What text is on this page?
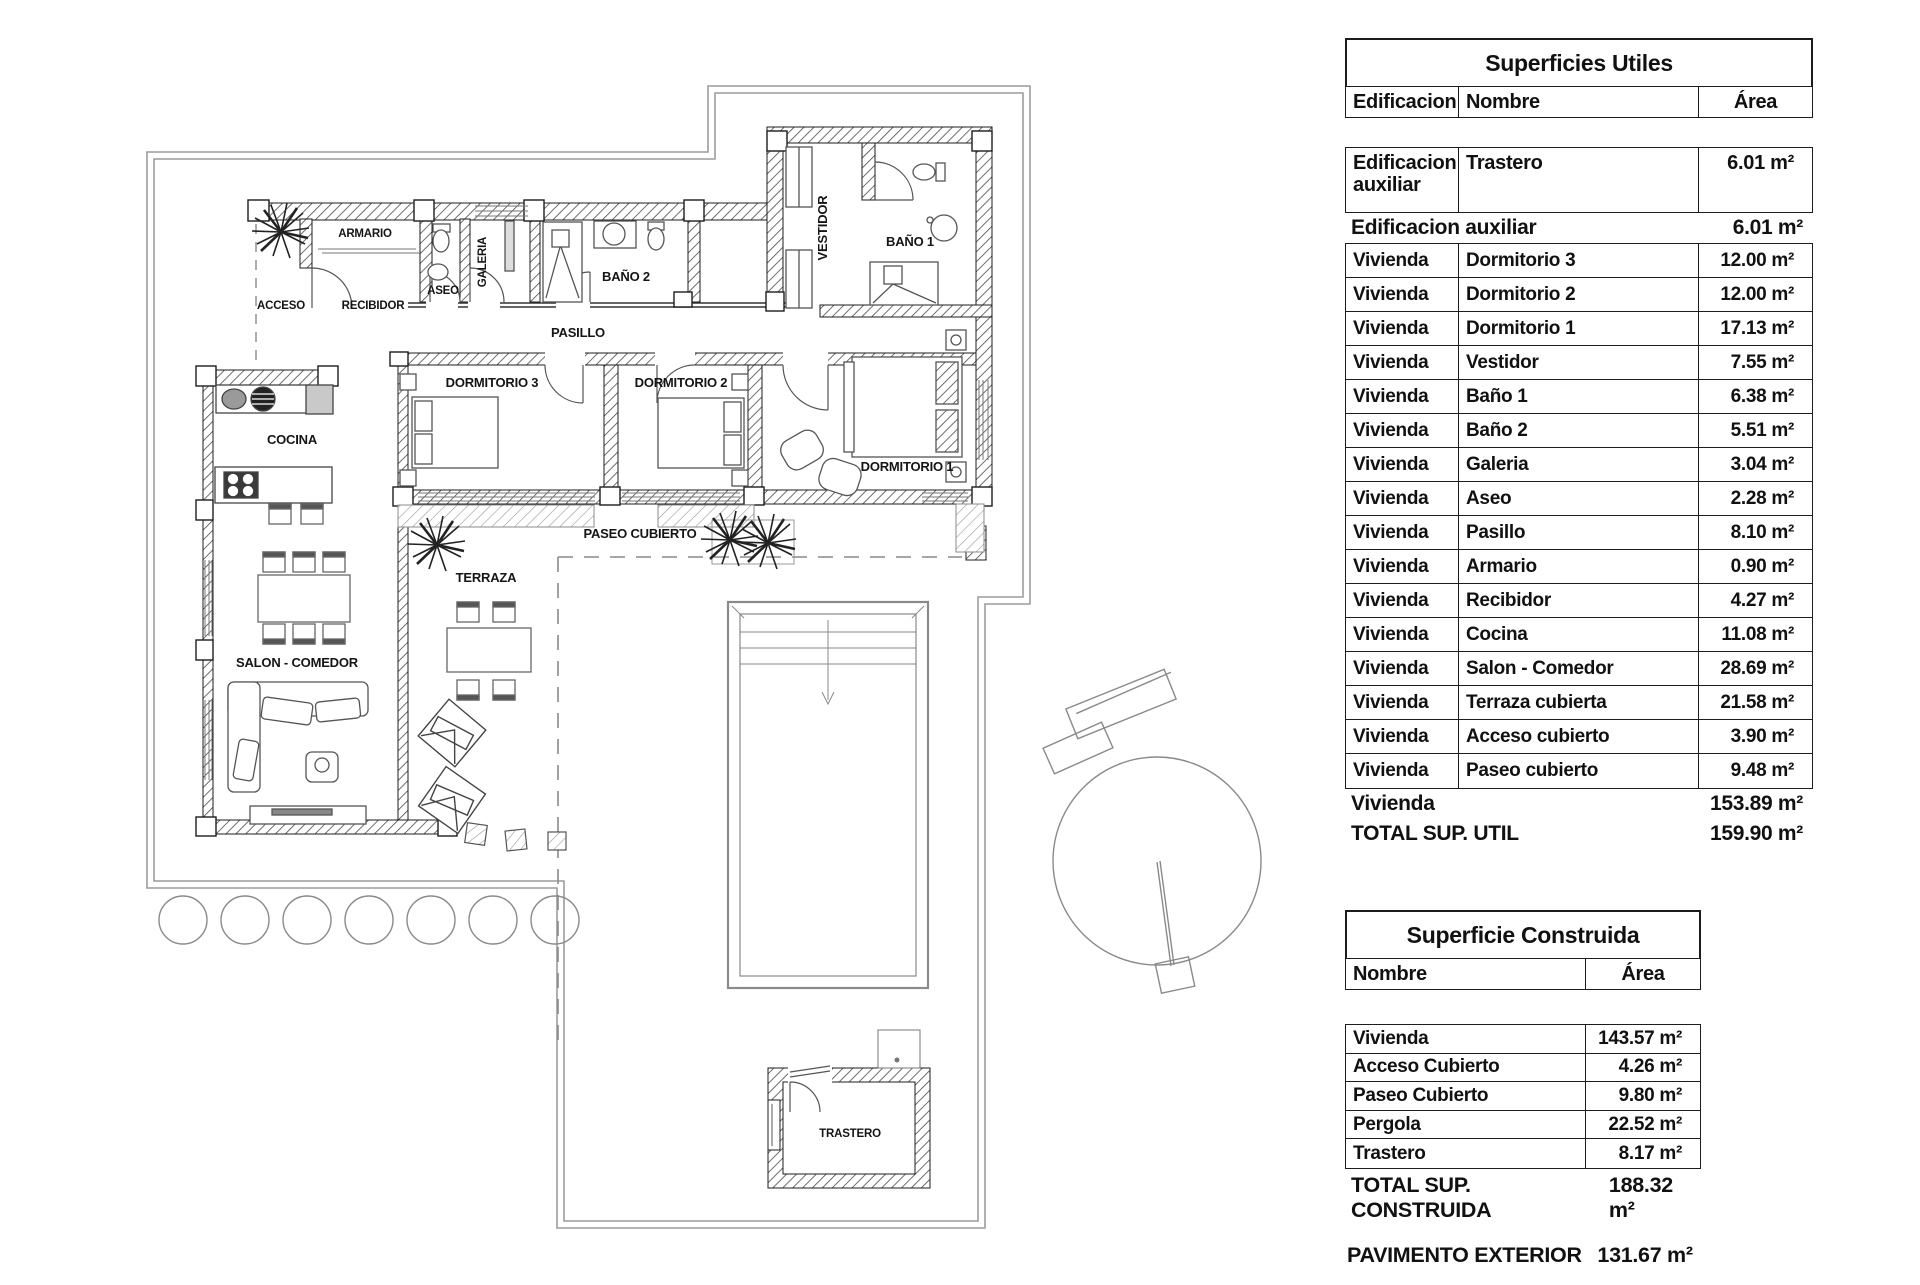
ARMARIO
ACCESO	RECIBIDOR
ASEO
GALERIA	BAÑO 2
VESTIDOR	BAÑO 1
PASILLO
DORMITORIO 3	DORMITORIO 2
DORMITORIO 1
COCINA
PASEO CUBIERTO
TERRAZA
SALON - COMEDOR
TRASTERO
Superficies Utiles
Edificacion Nombre	Área
Edificacion auxiliar
Trastero	6.01 m²
Edificacion auxiliar	6.01 m²
Vivienda	Dormitorio 3	12.00 m²
Vivienda	Dormitorio 2	12.00 m²
Vivienda	Dormitorio 1	17.13 m²
Vivienda	Vestidor	7.55 m²
Vivienda	Baño 1	6.38 m²
Vivienda	Baño 2	5.51 m²
Vivienda	Galeria	3.04 m²
Vivienda	Aseo	2.28 m²
Vivienda	Pasillo	8.10 m²
Vivienda	Armario	0.90 m²
Vivienda	Recibidor	4.27 m²
Vivienda	Cocina	11.08 m²
Vivienda	Salon - Comedor	28.69 m²
Vivienda	Terraza cubierta	21.58 m²
Vivienda	Acceso cubierto	3.90 m²
Vivienda	Paseo cubierto	9.48 m²
Vivienda	153.89 m²
TOTAL SUP. UTIL	159.90 m²
Superficie Construida
Nombre	Área
Vivienda	143.57 m²
Acceso Cubierto	4.26 m²
Paseo Cubierto	9.80 m²
Pergola	22.52 m²
Trastero	8.17 m²
TOTAL SUP. CONSTRUIDA
188.32 m²
PAVIMENTO EXTERIOR 131.67 m²
